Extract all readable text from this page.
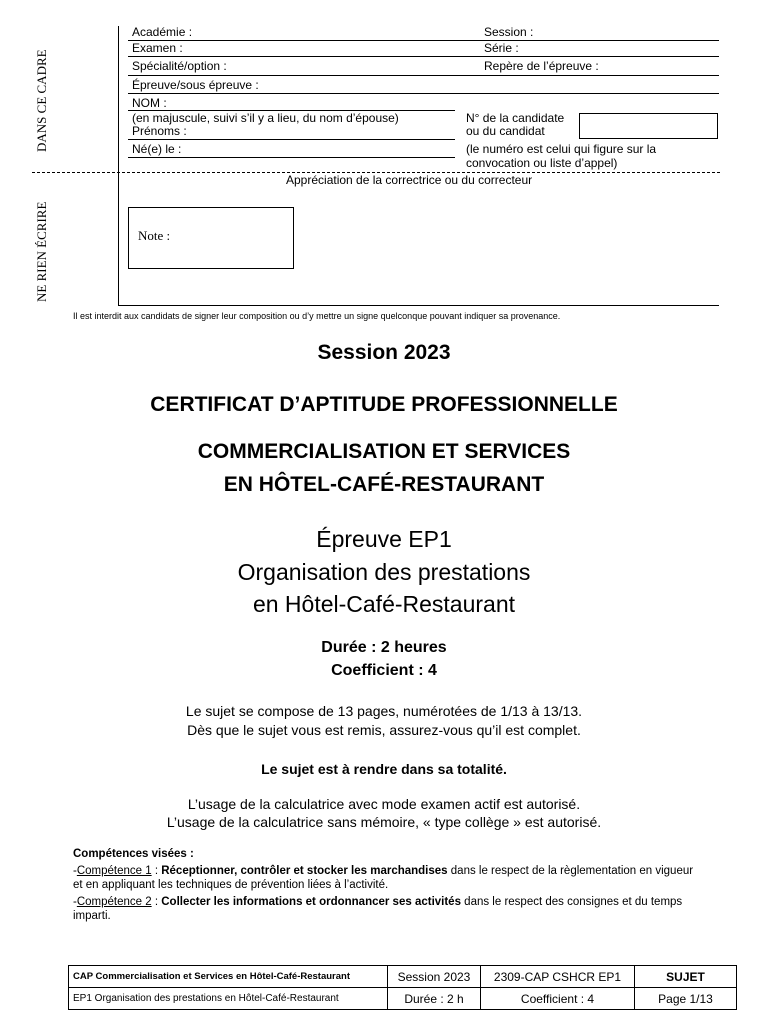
DANS CE CADRE
NE RIEN ÉCRIRE
Académie :	Session :
Examen :	Série :
Spécialité/option :	Repère de l’épreuve :
Épreuve/sous épreuve :
NOM :
(en majuscule, suivi s’il y a lieu, du nom d’épouse)
Prénoms :
Né(e) le :
N° de la candidate
ou du candidat
(le numéro est celui qui figure sur la
convocation ou liste d’appel)
Appréciation de la correctrice ou du correcteur
Note :
Il est interdit aux candidats de signer leur composition ou d’y mettre un signe quelconque pouvant indiquer sa provenance.
Session 2023
CERTIFICAT D’APTITUDE PROFESSIONNELLE
COMMERCIALISATION ET SERVICES
EN HÔTEL-CAFÉ-RESTAURANT
Épreuve EP1
Organisation des prestations
en Hôtel-Café-Restaurant
Durée : 2 heures
Coefficient : 4
Le sujet se compose de 13 pages, numérotées de 1/13 à 13/13.
Dès que le sujet vous est remis, assurez-vous qu’il est complet.
Le sujet est à rendre dans sa totalité.
L’usage de la calculatrice avec mode examen actif est autorisé.
L’usage de la calculatrice sans mémoire, « type collège » est autorisé.
Compétences visées :
-Compétence 1 : Réceptionner, contrôler et stocker les marchandises dans le respect de la règlementation en vigueur et en appliquant les techniques de prévention liées à l’activité.
-Compétence 2 : Collecter les informations et ordonnancer ses activités dans le respect des consignes et du temps imparti.
CAP Commercialisation et Services en Hôtel-Café-Restaurant	Session 2023	2309-CAP CSHCR EP1	SUJET
EP1 Organisation des prestations en Hôtel-Café-Restaurant	Durée : 2 h	Coefficient : 4	Page 1/13
